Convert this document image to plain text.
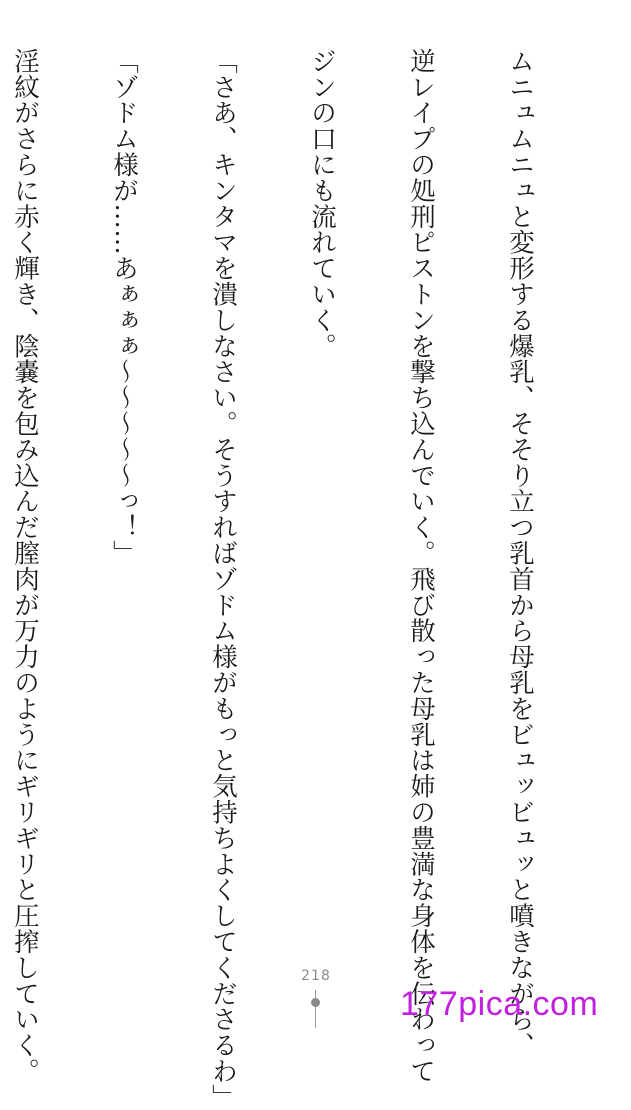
ムニュムニュと変形する爆乳、そそり立つ乳首から母乳をビュッビュッと噴きながら、

逆レイプの処刑ピストンを撃ち込んでいく。飛び散った母乳は姉の豊満な身体を伝わって

ジンの口にも流れていく。

「さあ、キンタマを潰しなさい。そうすればゾドム様がもっと気持ちよくしてくださるわ」

「ゾドム様が……あぁぁぁ～～～～～っ！」

淫紋がさらに赤く輝き、陰嚢を包み込んだ膣肉が万力のようにギリギリと圧搾していく。

	218
177pica.com
